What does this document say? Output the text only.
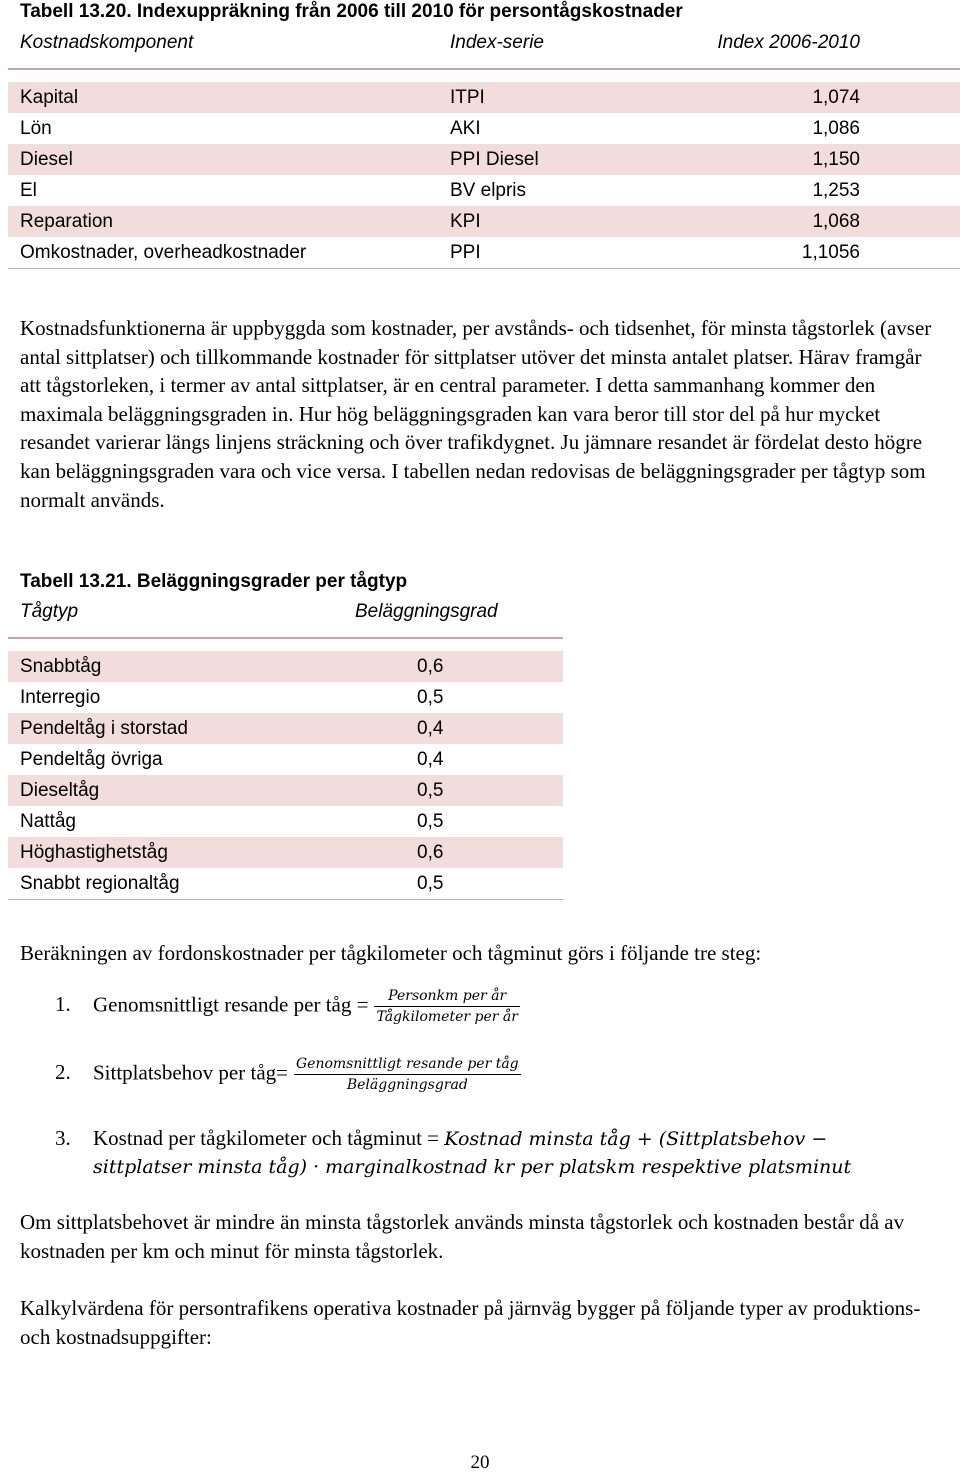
Tabell 13.20. Indexuppräkning från 2006 till 2010 för persontågskostnader
Kostnadskomponent	Index-serie	Index 2006-2010	

Kapital	ITPI	1,074	
Lön	AKI	1,086	
Diesel	PPI Diesel	1,150	
El	BV elpris	1,253	
Reparation	KPI	1,068	
Omkostnader, overheadkostnader	PPI	1,1056	

Kostnadsfunktionerna är uppbyggda som kostnader, per avstånds- och tidsenhet, för minsta tågstorlek (avser antal sittplatser) och tillkommande kostnader för sittplatser utöver det minsta antalet platser. Härav framgår att tågstorleken, i termer av antal sittplatser, är en central parameter. I detta sammanhang kommer den maximala beläggningsgraden in. Hur hög beläggningsgraden kan vara beror till stor del på hur mycket resandet varierar längs linjens sträckning och över trafikdygnet. Ju jämnare resandet är fördelat desto högre kan beläggningsgraden vara och vice versa. I tabellen nedan redovisas de beläggningsgrader per tågtyp som normalt används.

Tabell 13.21. Beläggningsgrader per tågtyp
Tågtyp	Beläggningsgrad

Snabbtåg	0,6
Interregio	0,5
Pendeltåg i storstad	0,4
Pendeltåg övriga	0,4
Dieseltåg	0,5
Nattåg	0,5
Höghastighetståg	0,6
Snabbt regionaltåg	0,5

Beräkningen av fordonskostnader per tågkilometer och tågminut görs i följande tre steg:

1. Genomsnittligt resande per tåg = $\frac{\text{Personkm per år}}{\text{Tågkilometer per år}}$
2. Sittplatsbehov per tåg= $\frac{\text{Genomsnittligt resande per tåg}}{\text{Beläggningsgrad}}$
3. Kostnad per tågkilometer och tågminut = Kostnad minsta tåg + (Sittplatsbehov −
sittplatser minsta tåg) · marginalkostnad kr per platskm respektive platsminut

Om sittplatsbehovet är mindre än minsta tågstorlek används minsta tågstorlek och kostnaden består då av kostnaden per km och minut för minsta tågstorlek.

Kalkylvärdena för persontrafikens operativa kostnader på järnväg bygger på följande typer av produktions- och kostnadsuppgifter:

20
